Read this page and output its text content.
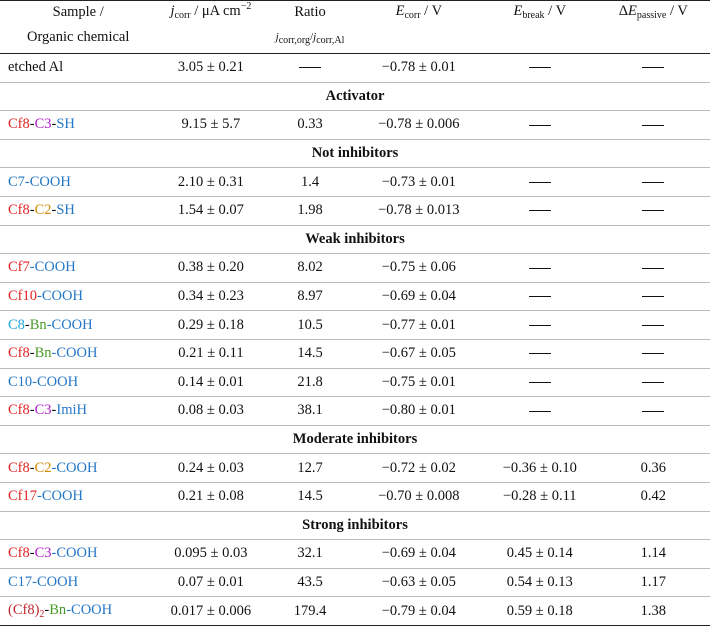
Sample /	$j_{corr}$ / μA $cm^{-2}$	Ratio	$E_{corr}$ / V	$E_{break}$ / V	$\Delta E_{passive}$ / V
Organic chemical		jcorr,org/jcorr,Al			
etched Al	3.05 ± 0.21		−0.78 ± 0.01		
Activator					
Cf8-C3-SH	9.15 ± 5.7	0.33	−0.78 ± 0.006		
Not inhibitors					
C7-COOH	2.10 ± 0.31	1.4	−0.73 ± 0.01		
Cf8-C2-SH	1.54 ± 0.07	1.98	−0.78 ± 0.013		
Weak inhibitors					
Cf7-COOH	0.38 ± 0.20	8.02	−0.75 ± 0.06		
Cf10-COOH	0.34 ± 0.23	8.97	−0.69 ± 0.04		
C8-Bn-COOH	0.29 ± 0.18	10.5	−0.77 ± 0.01		
Cf8-Bn-COOH	0.21 ± 0.11	14.5	−0.67 ± 0.05		
C10-COOH	0.14 ± 0.01	21.8	−0.75 ± 0.01		
Cf8-C3-ImiH	0.08 ± 0.03	38.1	−0.80 ± 0.01		
Moderate inhibitors					
Cf8-C2-COOH	0.24 ± 0.03	12.7	−0.72 ± 0.02	−0.36 ± 0.10	0.36
Cf17-COOH	0.21 ± 0.08	14.5	−0.70 ± 0.008	−0.28 ± 0.11	0.42
Strong inhibitors					
Cf8-C3-COOH	0.095 ± 0.03	32.1	−0.69 ± 0.04	0.45 ± 0.14	1.14
C17-COOH	0.07 ± 0.01	43.5	−0.63 ± 0.05	0.54 ± 0.13	1.17
$(Cf8)_2-Bn$-COOH	0.017 ± 0.006	179.4	−0.79 ± 0.04	0.59 ± 0.18	1.38
